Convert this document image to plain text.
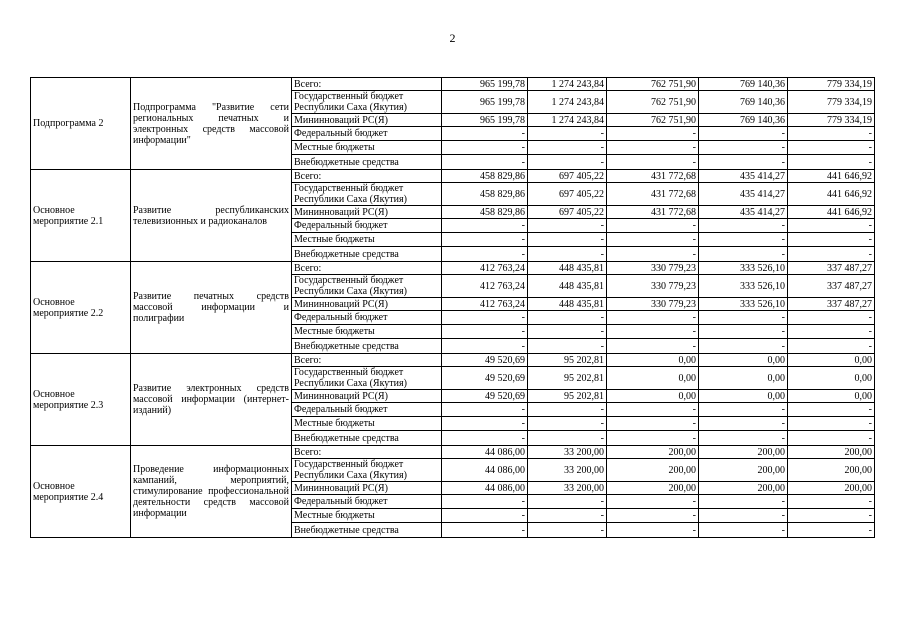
2
Подпрограмма 2	Подпрограмма "Развитие сети региональных печатных и электронных средств массовой информации"	Всего:	965 199,78	1 274 243,84	762 751,90	769 140,36	779 334,19
		Государственный бюджет Республики Саха (Якутия)	965 199,78	1 274 243,84	762 751,90	769 140,36	779 334,19
		Мининноваций РС(Я)	965 199,78	1 274 243,84	762 751,90	769 140,36	779 334,19
		Федеральный бюджет	-	-	-	-	-
		Местные бюджеты	-	-	-	-	-
		Внебюджетные средства	-	-	-	-	-
Основное мероприятие 2.1	Развитие республиканских телевизионных и радиоканалов	Всего:	458 829,86	697 405,22	431 772,68	435 414,27	441 646,92
		Государственный бюджет Республики Саха (Якутия)	458 829,86	697 405,22	431 772,68	435 414,27	441 646,92
		Мининноваций РС(Я)	458 829,86	697 405,22	431 772,68	435 414,27	441 646,92
		Федеральный бюджет	-	-	-	-	-
		Местные бюджеты	-	-	-	-	-
		Внебюджетные средства	-	-	-	-	-
Основное мероприятие 2.2	Развитие печатных средств массовой информации и полиграфии	Всего:	412 763,24	448 435,81	330 779,23	333 526,10	337 487,27
		Государственный бюджет Республики Саха (Якутия)	412 763,24	448 435,81	330 779,23	333 526,10	337 487,27
		Мининноваций РС(Я)	412 763,24	448 435,81	330 779,23	333 526,10	337 487,27
		Федеральный бюджет	-	-	-	-	-
		Местные бюджеты	-	-	-	-	-
		Внебюджетные средства	-	-	-	-	-
Основное мероприятие 2.3	Развитие электронных средств массовой информации (интернет-изданий)	Всего:	49 520,69	95 202,81	0,00	0,00	0,00
		Государственный бюджет Республики Саха (Якутия)	49 520,69	95 202,81	0,00	0,00	0,00
		Мининноваций РС(Я)	49 520,69	95 202,81	0,00	0,00	0,00
		Федеральный бюджет	-	-	-	-	-
		Местные бюджеты	-	-	-	-	-
		Внебюджетные средства	-	-	-	-	-
Основное мероприятие 2.4	Проведение информационных кампаний, мероприятий, стимулирование профессиональной деятельности средств массовой информации	Всего:	44 086,00	33 200,00	200,00	200,00	200,00
		Государственный бюджет Республики Саха (Якутия)	44 086,00	33 200,00	200,00	200,00	200,00
		Мининноваций РС(Я)	44 086,00	33 200,00	200,00	200,00	200,00
		Федеральный бюджет	-	-	-	-	-
		Местные бюджеты	-	-	-	-	-
		Внебюджетные средства	-	-	-	-	-
